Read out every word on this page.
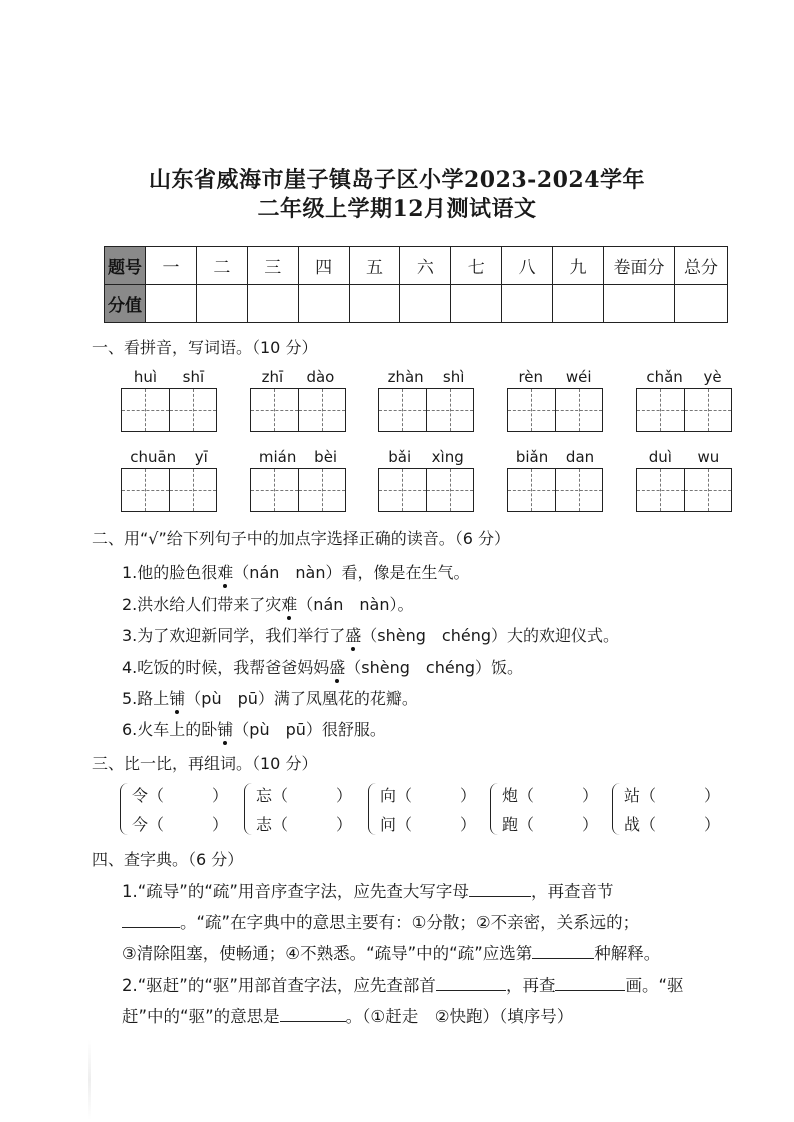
山东省威海市崖子镇岛子区小学2023-2024学年
二年级上学期12月测试语文
题号	一	二	三	四	五	六	七	八	九	卷面分	总分
分值											
一、看拼音，写词语。（10 分）
huì shī	zhī dào	zhàn shì	rèn wéi	chǎn yè
chuān yī	mián bèi	bǎi xìng	biǎn dan	duì wu
二、用“√”给下列句子中的加点字选择正确的读音。（6 分）
1.他的脸色很难（nán　nàn）看，像是在生气。
2.洪水给人们带来了灾难（nán　nàn）。
3.为了欢迎新同学，我们举行了盛（shèng　chéng）大的欢迎仪式。
4.吃饭的时候，我帮爸爸妈妈盛（shèng　chéng）饭。
5.路上铺（pù　pū）满了凤凰花的花瓣。
6.火车上的卧铺（pù　pū）很舒服。
三、比一比，再组词。（10 分）
令 （	）
今 （	）
忘 （	）
志 （	）
向 （	）
问 （	）
炮 （	）
跑 （	）
站 （	）
战 （	）
四、查字典。（6 分）
1.“疏导”的“疏”用音序查字法，应先查大写字母	，再查音节
。“疏”在字典中的意思主要有：①分散；②不亲密，关系远的；
③清除阻塞，使畅通；④不熟悉。“疏导”中的“疏”应选第	种解释。
2.“驱赶”的“驱”用部首查字法，应先查部首	，再查	画。“驱
赶”中的“驱”的意思是	。（①赶走　②快跑）（填序号）
